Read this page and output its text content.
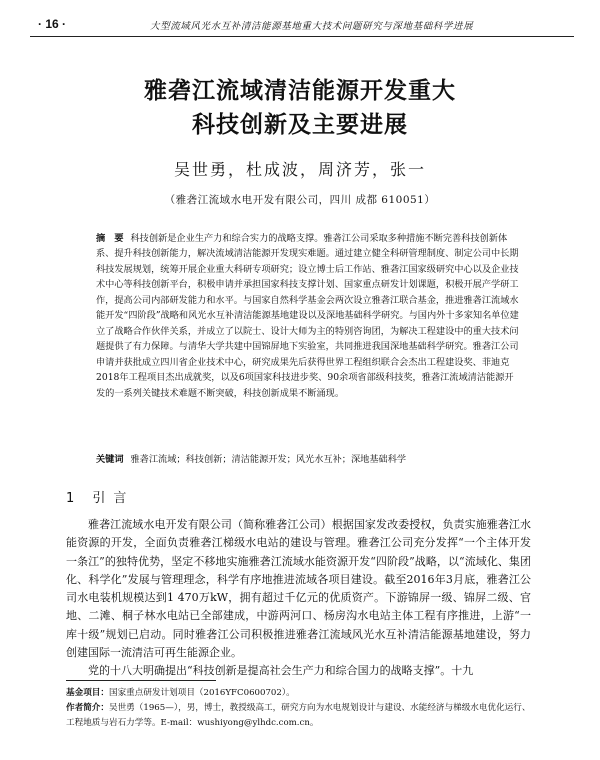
· 16 ·	大型流域风光水互补清洁能源基地重大技术问题研究与深地基础科学进展
雅砻江流域清洁能源开发重大
科技创新及主要进展
吴世勇，杜成波，周济芳，张一
（雅砻江流域水电开发有限公司，四川 成都 610051）

摘　要 科技创新是企业生产力和综合实力的战略支撑。雅砻江公司采取多种措施不断完善科技创新体系、提升科技创新能力，解决流域清洁能源开发现实难题。通过建立健全科研管理制度、制定公司中长期科技发展规划，统筹开展企业重大科研专项研究；设立博士后工作站、雅砻江国家级研究中心以及企业技术中心等科技创新平台，积极申请并承担国家科技支撑计划、国家重点研发计划课题，积极开展产学研工作，提高公司内部研发能力和水平。与国家自然科学基金会两次设立雅砻江联合基金，推进雅砻江流域水能开发“四阶段”战略和风光水互补清洁能源基地建设以及深地基础科学研究。与国内外十多家知名单位建立了战略合作伙伴关系，并成立了以院士、设计大师为主的特别咨询团，为解决工程建设中的重大技术问题提供了有力保障。与清华大学共建中国锦屏地下实验室，共同推进我国深地基础科学研究。雅砻江公司申请并获批成立四川省企业技术中心，研究成果先后获得世界工程组织联合会杰出工程建设奖、菲迪克2018年工程项目杰出成就奖，以及6项国家科技进步奖、90余项省部级科技奖，雅砻江流域清洁能源开发的一系列关键技术难题不断突破，科技创新成果不断涌现。

关键词 雅砻江流域；科技创新；清洁能源开发；风光水互补；深地基础科学
1 引言

雅砻江流域水电开发有限公司（简称雅砻江公司）根据国家发改委授权，负责实施雅砻江水能资源的开发，全面负责雅砻江梯级水电站的建设与管理。雅砻江公司充分发挥“一个主体开发一条江”的独特优势，坚定不移地实施雅砻江流域水能资源开发“四阶段”战略，以“流域化、集团化、科学化”发展与管理理念，科学有序地推进流域各项目建设。截至2016年3月底，雅砻江公司水电装机规模达到1 470万kW，拥有超过千亿元的优质资产。下游锦屏一级、锦屏二级、官地、二滩、桐子林水电站已全部建成，中游两河口、杨房沟水电站主体工程有序推进，上游“一库十级”规划已启动。同时雅砻江公司积极推进雅砻江流域风光水互补清洁能源基地建设，努力创建国际一流清洁可再生能源企业。

党的十八大明确提出“科技创新是提高社会生产力和综合国力的战略支撑”。十九

基金项目：国家重点研发计划项目（2016YFC0600702）。
作者简介：吴世勇（1965—），男，博士，教授级高工，研究方向为水电规划设计与建设、水能经济与梯级水电优化运行、工程地质与岩石力学等。E-mail：wushiyong@ylhdc.com.cn。
